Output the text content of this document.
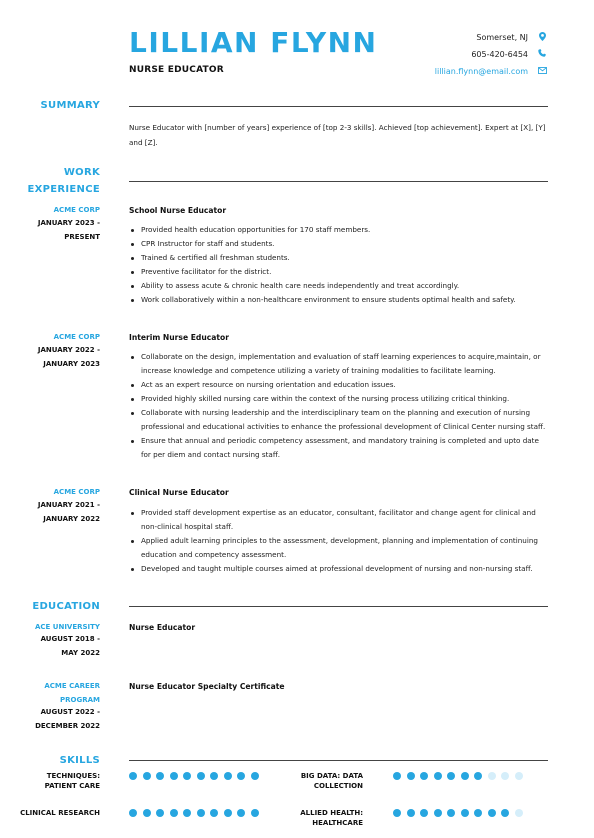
LILLIAN FLYNN
NURSE EDUCATOR
Somerset, NJ
605-420-6454
lillian.flynn@email.com
SUMMARY
Nurse Educator with [number of years] experience of [top 2-3 skills]. Achieved [top achievement]. Expert at [X], [Y] and [Z].
WORK
EXPERIENCE
ACME CORP
JANUARY 2023 -
PRESENT
School Nurse Educator
Provided health education opportunities for 170 staff members.
CPR Instructor for staff and students.
Trained & certified all freshman students.
Preventive facilitator for the district.
Ability to assess acute & chronic health care needs independently and treat accordingly.
Work collaboratively within a non-healthcare environment to ensure students optimal health and safety.
ACME CORP
JANUARY 2022 -
JANUARY 2023
Interim Nurse Educator
Collaborate on the design, implementation and evaluation of staff learning experiences to acquire,maintain, or increase knowledge and competence utilizing a variety of training modalities to facilitate learning.
Act as an expert resource on nursing orientation and education issues.
Provided highly skilled nursing care within the context of the nursing process utilizing critical thinking.
Collaborate with nursing leadership and the interdisciplinary team on the planning and execution of nursing professional and educational activities to enhance the professional development of Clinical Center nursing staff.
Ensure that annual and periodic competency assessment, and mandatory training is completed and upto date for per diem and contact nursing staff.
ACME CORP
JANUARY 2021 -
JANUARY 2022
Clinical Nurse Educator
Provided staff development expertise as an educator, consultant, facilitator and change agent for clinical and non-clinical hospital staff.
Applied adult learning principles to the assessment, development, planning and implementation of continuing education and competency assessment.
Developed and taught multiple courses aimed at professional development of nursing and non-nursing staff.
EDUCATION
ACE UNIVERSITY
AUGUST 2018 -
MAY 2022
Nurse Educator
ACME CAREER
PROGRAM
AUGUST 2022 -
DECEMBER 2022
Nurse Educator Specialty Certificate
SKILLS
TECHNIQUES:
PATIENT CARE
BIG DATA: DATA
COLLECTION
CLINICAL RESEARCH	ALLIED HEALTH:
HEALTHCARE
